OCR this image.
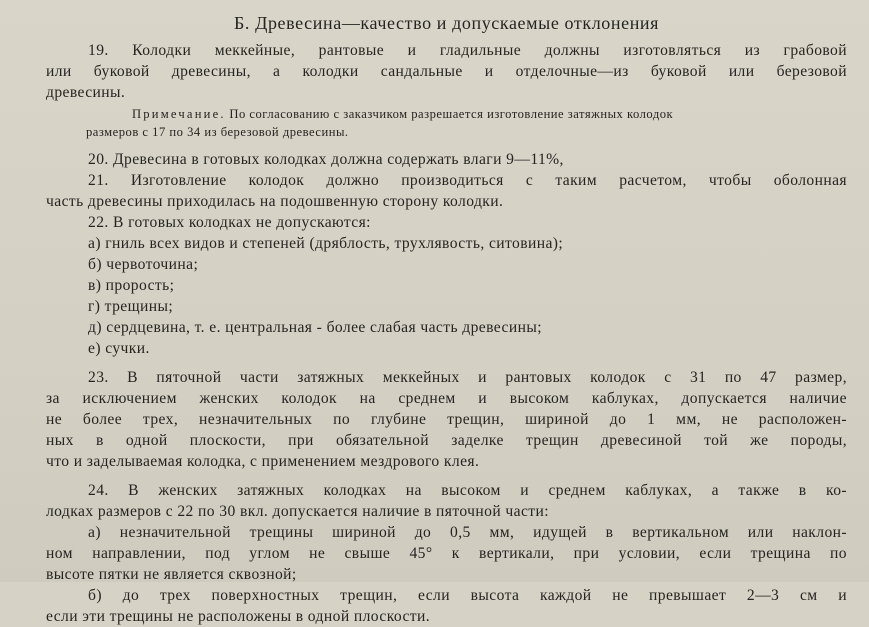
Б. Древесина—качество и допускаемые отклонения
19. Колодки меккейные, рантовые и гладильные должны изготовляться из грабовой
или буковой древесины, а колодки сандальные и отделочные—из буковой или березовой
древесины.
Примечание. По согласованию с заказчиком разрешается изготовление затяжных колодок
размеров с 17 по 34 из березовой древесины.
20. Древесина в готовых колодках должна содержать влаги 9—11%,
21. Изготовление колодок должно производиться с таким расчетом, чтобы оболонная
часть древесины приходилась на подошвенную сторону колодки.
22. В готовых колодках не допускаются:
а) гниль всех видов и степеней (дряблость, трухлявость, ситовина);
б) червоточина;
в) прорость;
г) трещины;
д) сердцевина, т. е. центральная - более слабая часть древесины;
е) сучки.
23. В пяточной части затяжных меккейных и рантовых колодок с 31 по 47 размер,
за исключением женских колодок на среднем и высоком каблуках, допускается наличие
не более трех, незначительных по глубине трещин, шириной до 1 мм, не расположен-
ных в одной плоскости, при обязательной заделке трещин древесиной той же породы,
что и заделываемая колодка, с применением мездрового клея.
24. В женских затяжных колодках на высоком и среднем каблуках, а также в ко-
лодках размеров с 22 по 30 вкл. допускается наличие в пяточной части:
а) незначительной трещины шириной до 0,5 мм, идущей в вертикальном или наклон-
ном направлении, под углом не свыше 45° к вертикали, при условии, если трещина по
высоте пятки не является сквозной;
б) до трех поверхностных трещин, если высота каждой не превышает 2—3 см и
если эти трещины не расположены в одной плоскости.
